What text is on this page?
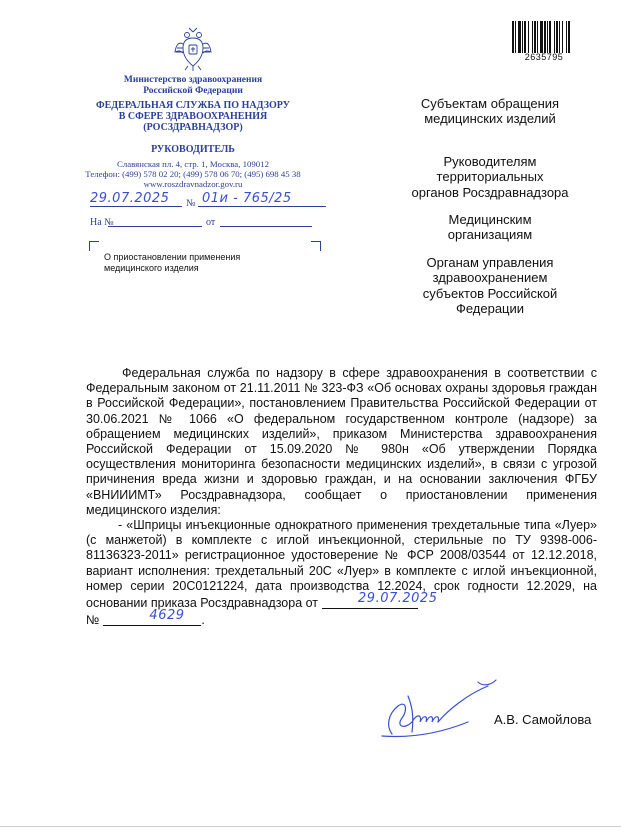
Министерство здравоохранения
Российской Федерации
ФЕДЕРАЛЬНАЯ СЛУЖБА ПО НАДЗОРУ
В СФЕРЕ ЗДРАВООХРАНЕНИЯ
(РОСЗДРАВНАДЗОР)
РУКОВОДИТЕЛЬ
Славянская пл. 4, стр. 1, Москва, 109012
Телефон: (499) 578 02 20; (499) 578 06 70; (495) 698 45 38
www.roszdravnadzor.gov.ru
2635795
29.07.2025 № 01и - 765/25
На №	от
О приостановлении применения
медицинского изделия
Субъектам обращения
медицинских изделий
Руководителям
территориальных
органов Росздравнадзора
Медицинским
организациям
Органам управления
здравоохранением
субъектов Российской
Федерации

Федеральная служба по надзору в сфере здравоохранения в соответствии с Федеральным законом от 21.11.2011 № 323-ФЗ «Об основах охраны здоровья граждан в Российской Федерации», постановлением Правительства Российской Федерации от 30.06.2021 № 1066 «О федеральном государственном контроле (надзоре) за обращением медицинских изделий», приказом Министерства здравоохранения Российской Федерации от 15.09.2020 № 980н «Об утверждении Порядка осуществления мониторинга безопасности медицинских изделий», в связи с угрозой причинения вреда жизни и здоровью граждан, и на основании заключения ФГБУ «ВНИИИМТ» Росздравнадзора, сообщает о приостановлении применения медицинского изделия:

- «Шприцы инъекционные однократного применения трехдетальные типа «Луер» (с манжетой) в комплекте с иглой инъекционной, стерильные по ТУ 9398-006-81136323-2011» регистрационное удостоверение № ФСР 2008/03544 от 12.12.2018, вариант исполнения: трехдетальный 20С «Луер» в комплекте с иглой инъекционной, номер серии 20С0121224, дата производства 12.2024, срок годности 12.2029, на основании приказа Росздравнадзора от	29.07.2025

№	4629 .

А.В. Самойлова
